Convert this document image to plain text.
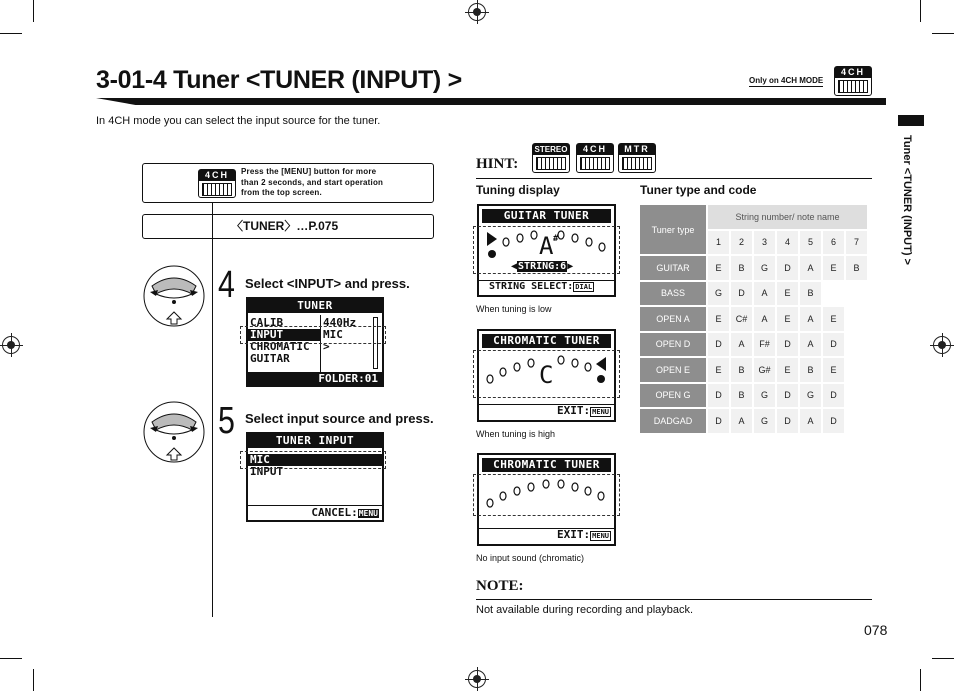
3-01-4 Tuner <TUNER (INPUT) >	Only on 4CH MODE
4CH
In 4CH mode you can select the input source for the tuner.
Tuner <TUNER (INPUT) >
078
4CH	Press the [MENU] button for more than 2 seconds, and start operation from the top screen.
〈TUNER〉…P.075
4 Select <INPUT> and press.
5 Select input source and press.
TUNER
CALIB	440Hz
INPUT	MIC
CHROMATIC >
GUITAR
FOLDER:01
TUNER INPUT
MIC
INPUT
CANCEL:MENU
HINT:
STEREO	4CH	MTR
Tuning display	Tuner type and code
GUITAR TUNER
A #
◀STRING:6▶
STRING SELECT: DIAL
When tuning is low
CHROMATIC TUNER
C
EXIT: MENU
When tuning is high
CHROMATIC TUNER
EXIT: MENU
No input sound (chromatic)
Tuner type	String number/ note name						
	1	2	3	4	5	6	7
GUITAR	E	B	G	D	A	E	B
BASS	G	D	A	E	B		
OPEN A	E	C#	A	E	A	E	
OPEN D	D	A	F#	D	A	D	
OPEN E	E	B	G#	E	B	E	
OPEN G	D	B	G	D	G	D	
DADGAD	D	A	G	D	A	D	
NOTE:
Not available during recording and playback.
